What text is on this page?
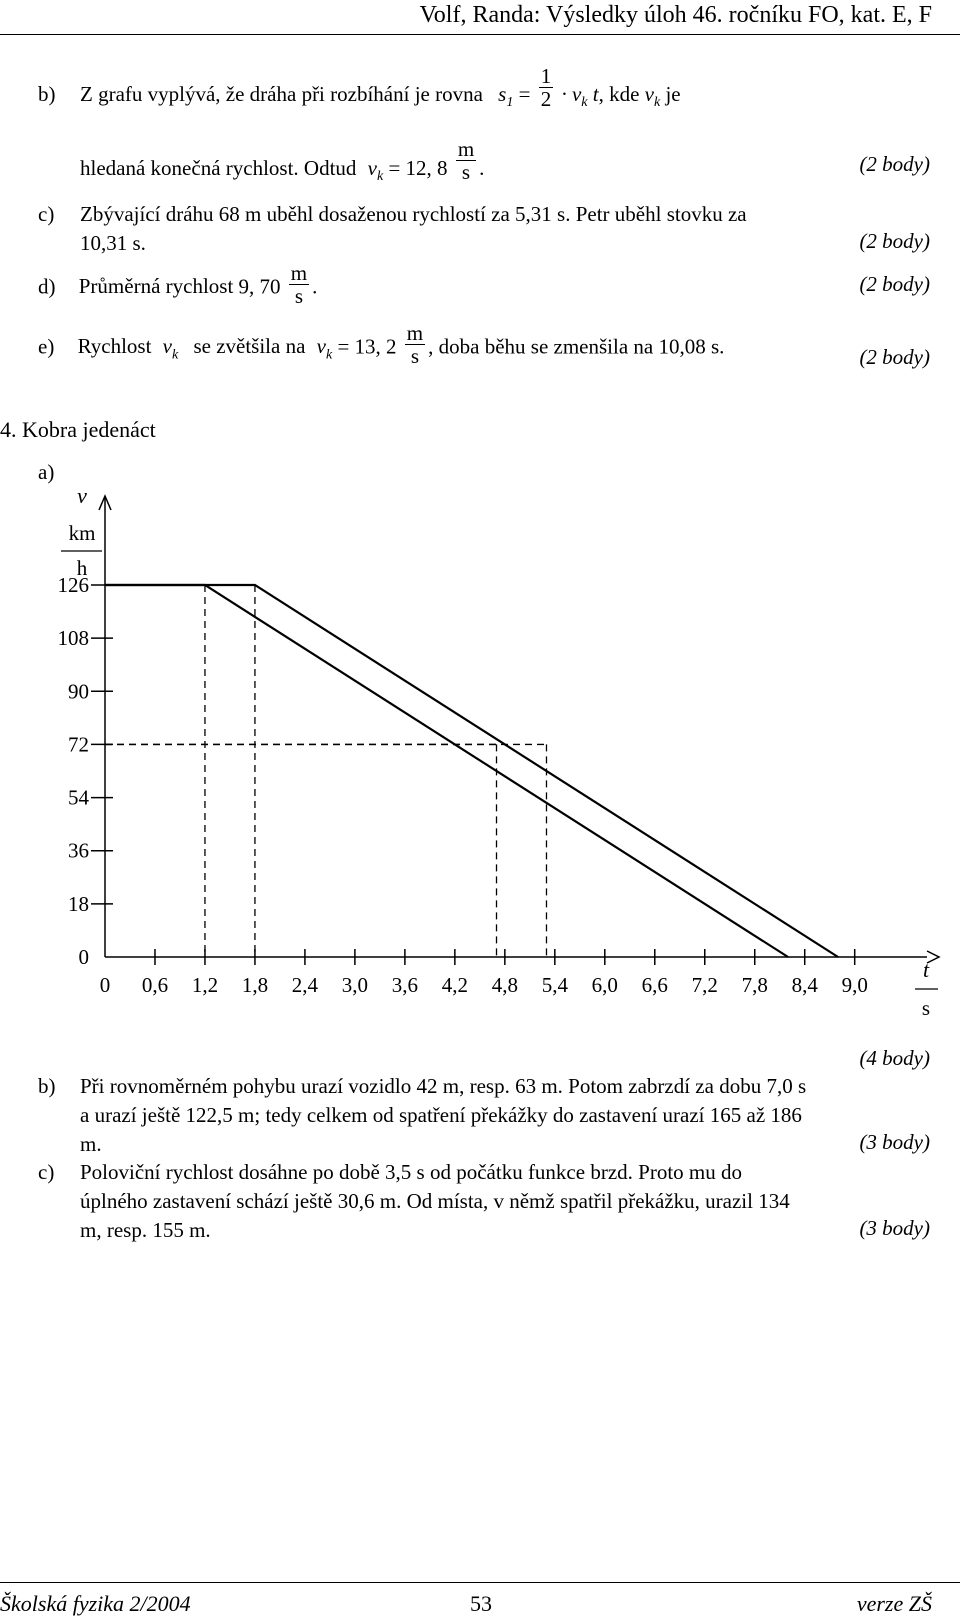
Volf, Randa: Výsledky úloh 46. ročníku FO, kat. E, F
b) Z grafu vyplývá, že dráha při rozbíhání je rovna $s_1 = \frac{1}{2} \cdot v_k$ t, kde $v_k$ je
hledaná konečná rychlost. Odtud $v_k = 12$, $8 \frac{m}{s}$ .	(2 body)
c) Zbývající dráhu 68 m uběhl dosaženou rychlostí za 5,31 s. Petr uběhl stovku za 10,31 s.	(2 body)
d) Průměrná rychlost 9, $70 \frac{m}{s}$ .	(2 body)
e) Rychlost $v_k$ se zvětšila na $v_k = 13$, $2 \frac{m}{s}$ , doba běhu se zmenšila na 10,08 s.	(2 body)
4. Kobra jedenáct
a)
126
108
90
72
54
36
18
0
0 0,6 1,2 1,8 2,4 3,0 3,6 4,2 4,8 5,4 6,0 6,6 7,2 7,8 8,4 9,0
v
km
h
t
s
(4 body)
b) Při rovnoměrném pohybu urazí vozidlo 42 m, resp. 63 m. Potom zabrzdí za dobu 7,0 s a urazí ještě 122,5 m; tedy celkem od spatření překážky do zastavení urazí 165 až 186 m.	(3 body)
c) Poloviční rychlost dosáhne po době 3,5 s od počátku funkce brzd. Proto mu do úplného zastavení schází ještě 30,6 m. Od místa, v němž spatřil překážku, urazil 134 m, resp. 155 m.	(3 body)
Školská fyzika 2/2004	53	verze ZŠ
